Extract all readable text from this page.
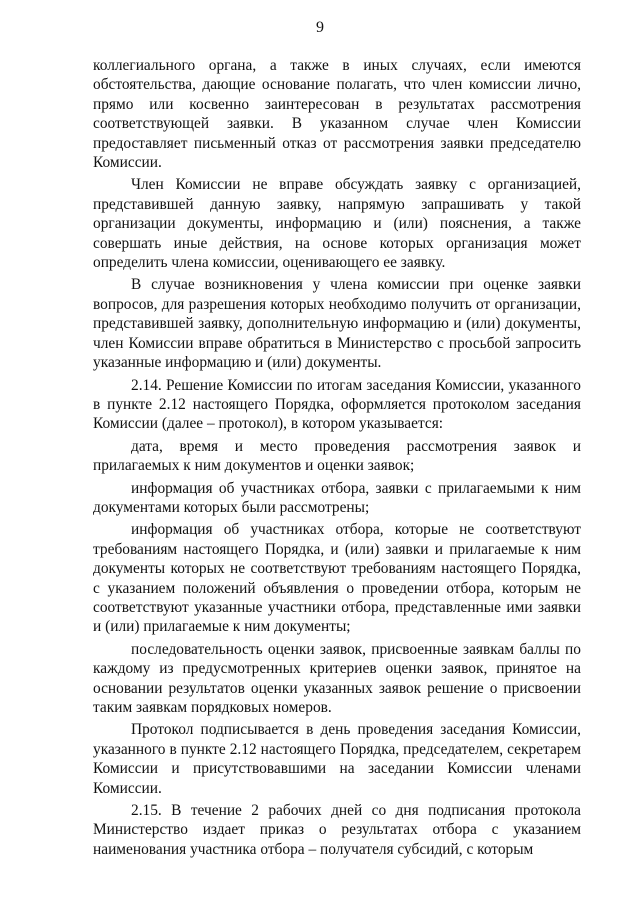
9

коллегиального органа, а также в иных случаях, если имеются обстоятельства, дающие основание полагать, что член комиссии лично, прямо или косвенно заинтересован в результатах рассмотрения соответствующей заявки. В указанном случае член Комиссии предоставляет письменный отказ от рассмотрения заявки председателю Комиссии.

Член Комиссии не вправе обсуждать заявку с организацией, представившей данную заявку, напрямую запрашивать у такой организации документы, информацию и (или) пояснения, а также совершать иные действия, на основе которых организация может определить члена комиссии, оценивающего ее заявку.

В случае возникновения у члена комиссии при оценке заявки вопросов, для разрешения которых необходимо получить от организации, представившей заявку, дополнительную информацию и (или) документы, член Комиссии вправе обратиться в Министерство с просьбой запросить указанные информацию и (или) документы.

2.14. Решение Комиссии по итогам заседания Комиссии, указанного в пункте 2.12 настоящего Порядка, оформляется протоколом заседания Комиссии (далее – протокол), в котором указывается:

дата, время и место проведения рассмотрения заявок и прилагаемых к ним документов и оценки заявок;

информация об участниках отбора, заявки с прилагаемыми к ним документами которых были рассмотрены;

информация об участниках отбора, которые не соответствуют требованиям настоящего Порядка, и (или) заявки и прилагаемые к ним документы которых не соответствуют требованиям настоящего Порядка, с указанием положений объявления о проведении отбора, которым не соответствуют указанные участники отбора, представленные ими заявки и (или) прилагаемые к ним документы;

последовательность оценки заявок, присвоенные заявкам баллы по каждому из предусмотренных критериев оценки заявок, принятое на основании результатов оценки указанных заявок решение о присвоении таким заявкам порядковых номеров.

Протокол подписывается в день проведения заседания Комиссии, указанного в пункте 2.12 настоящего Порядка, председателем, секретарем Комиссии и присутствовавшими на заседании Комиссии членами Комиссии.

2.15. В течение 2 рабочих дней со дня подписания протокола Министерство издает приказ о результатах отбора с указанием наименования участника отбора – получателя субсидий, с которым
